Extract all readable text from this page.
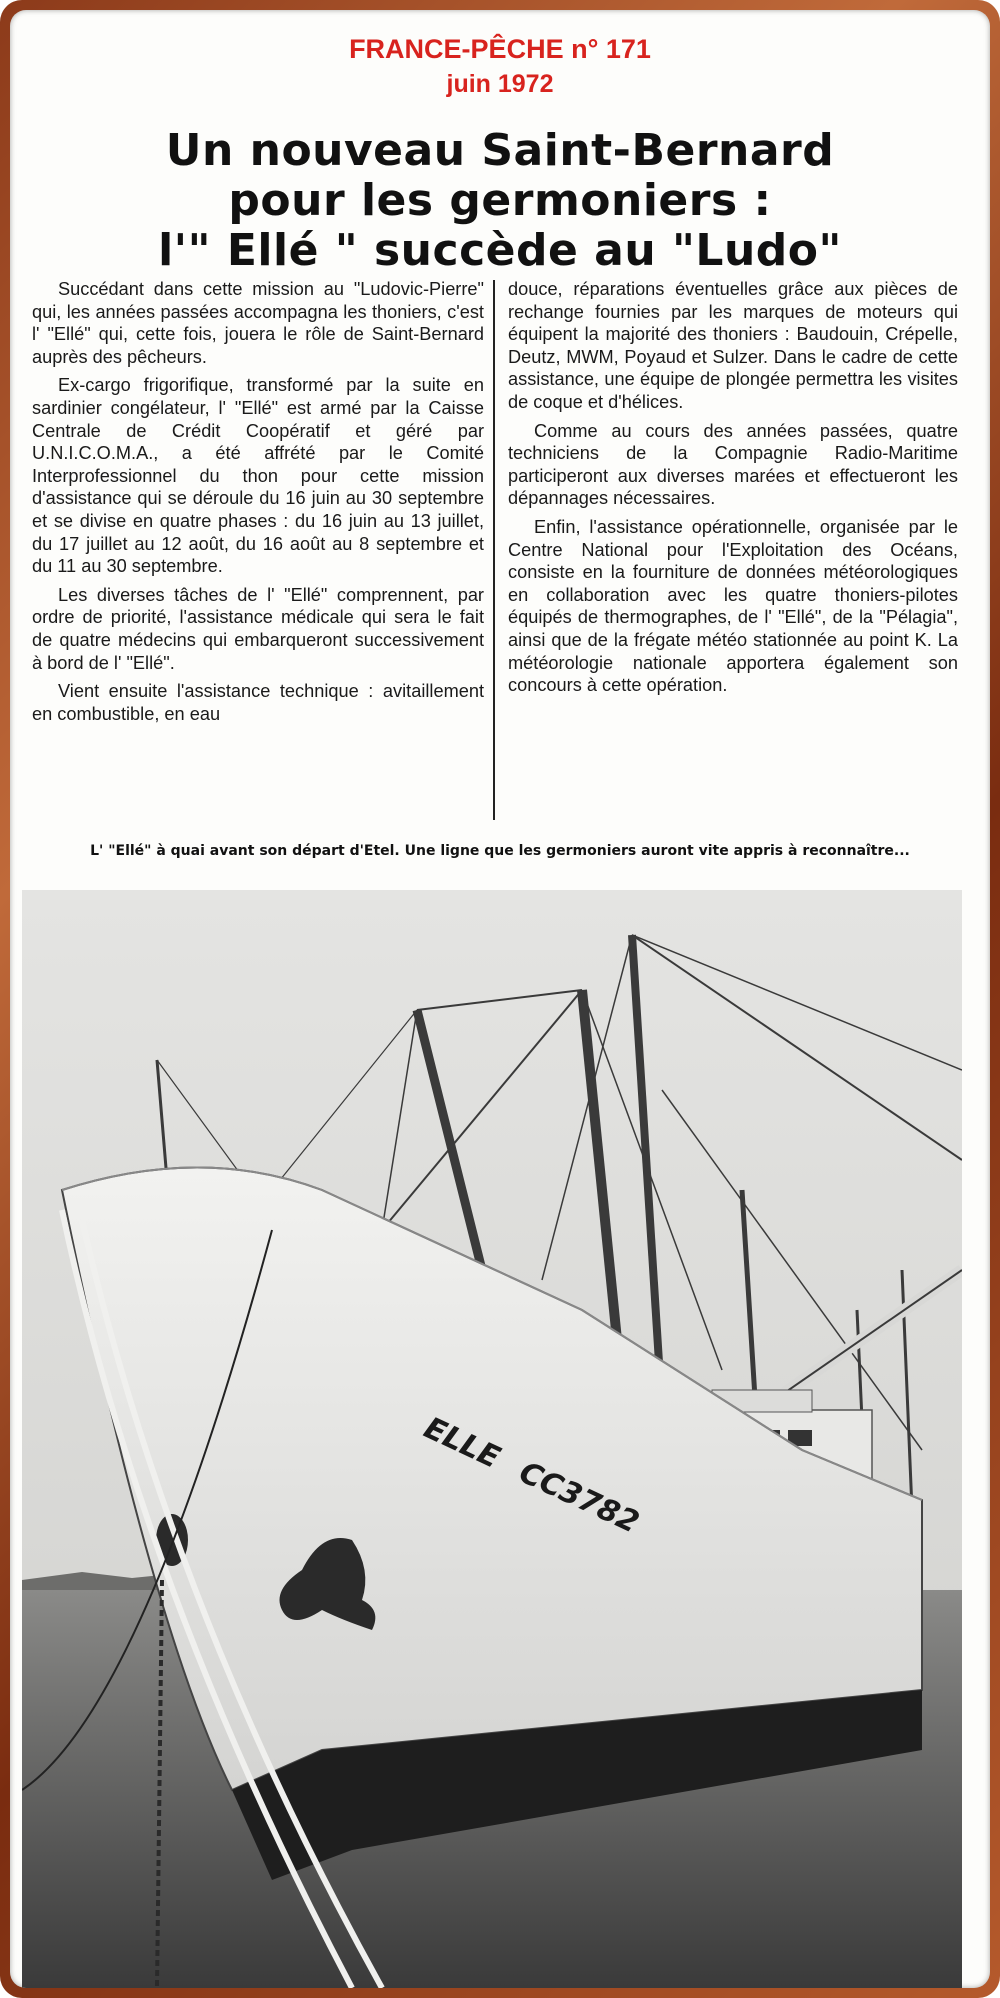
FRANCE-PÊCHE n° 171
juin 1972
Un nouveau Saint-Bernard
pour les germoniers :
l'" Ellé " succède au "Ludo"

Succédant dans cette mission au "Ludovic-Pierre" qui, les années passées accompagna les thoniers, c'est l' "Ellé" qui, cette fois, jouera le rôle de Saint-Bernard auprès des pêcheurs.

Ex-cargo frigorifique, transformé par la suite en sardinier congélateur, l' "Ellé" est armé par la Caisse Centrale de Crédit Coopératif et géré par U.N.I.C.O.M.A., a été affrété par le Comité Interprofessionnel du thon pour cette mission d'assistance qui se déroule du 16 juin au 30 septembre et se divise en quatre phases : du 16 juin au 13 juillet, du 17 juillet au 12 août, du 16 août au 8 septembre et du 11 au 30 septembre.

Les diverses tâches de l' "Ellé" comprennent, par ordre de priorité, l'assistance médicale qui sera le fait de quatre médecins qui embarqueront successivement à bord de l' "Ellé".

Vient ensuite l'assistance technique : avitaillement en combustible, en eau

douce, réparations éventuelles grâce aux pièces de rechange fournies par les marques de moteurs qui équipent la majorité des thoniers : Baudouin, Crépelle, Deutz, MWM, Poyaud et Sulzer. Dans le cadre de cette assistance, une équipe de plongée permettra les visites de coque et d'hélices.

Comme au cours des années passées, quatre techniciens de la Compagnie Radio-Maritime participeront aux diverses marées et effectueront les dépannages nécessaires.

Enfin, l'assistance opérationnelle, organisée par le Centre National pour l'Exploitation des Océans, consiste en la fourniture de données météorologiques en collaboration avec les quatre thoniers-pilotes équipés de thermographes, de l' "Ellé", de la "Pélagia", ainsi que de la frégate météo stationnée au point K. La météorologie nationale apportera également son concours à cette opération.

L' "Ellé" à quai avant son départ d'Etel. Une ligne que les germoniers auront vite appris à reconnaître...
ELLE
CC3782
